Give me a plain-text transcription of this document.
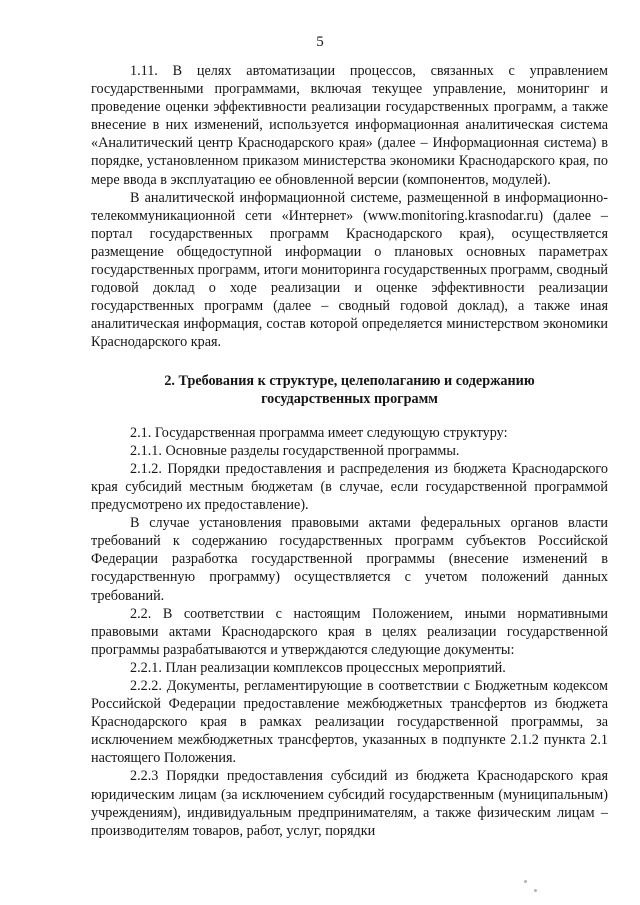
5

1.11. В целях автоматизации процессов, связанных с управлением государственными программами, включая текущее управление, мониторинг и проведение оценки эффективности реализации государственных программ, а также внесение в них изменений, используется информационная аналитическая система «Аналитический центр Краснодарского края» (далее – Информационная система) в порядке, установленном приказом министерства экономики Краснодарского края, по мере ввода в эксплуатацию ее обновленной версии (компонентов, модулей).

В аналитической информационной системе, размещенной в информационно-телекоммуникационной сети «Интернет» (www.monitoring.krasnodar.ru) (далее – портал государственных программ Краснодарского края), осуществляется размещение общедоступной информации о плановых основных параметрах государственных программ, итоги мониторинга государственных программ, сводный годовой доклад о ходе реализации и оценке эффективности реализации государственных программ (далее – сводный годовой доклад), а также иная аналитическая информация, состав которой определяется министерством экономики Краснодарского края.

2. Требования к структуре, целеполаганию и содержанию
государственных программ

2.1. Государственная программа имеет следующую структуру:

2.1.1. Основные разделы государственной программы.

2.1.2. Порядки предоставления и распределения из бюджета Краснодарского края субсидий местным бюджетам (в случае, если государственной программой предусмотрено их предоставление).

В случае установления правовыми актами федеральных органов власти требований к содержанию государственных программ субъектов Российской Федерации разработка государственной программы (внесение изменений в государственную программу) осуществляется с учетом положений данных требований.

2.2. В соответствии с настоящим Положением, иными нормативными правовыми актами Краснодарского края в целях реализации государственной программы разрабатываются и утверждаются следующие документы:

2.2.1. План реализации комплексов процессных мероприятий.

2.2.2. Документы, регламентирующие в соответствии с Бюджетным кодексом Российской Федерации предоставление межбюджетных трансфертов из бюджета Краснодарского края в рамках реализации государственной программы, за исключением межбюджетных трансфертов, указанных в подпункте 2.1.2 пункта 2.1 настоящего Положения.

2.2.3 Порядки предоставления субсидий из бюджета Краснодарского края юридическим лицам (за исключением субсидий государственным (муниципальным) учреждениям), индивидуальным предпринимателям, а также физическим лицам – производителям товаров, работ, услуг, порядки
